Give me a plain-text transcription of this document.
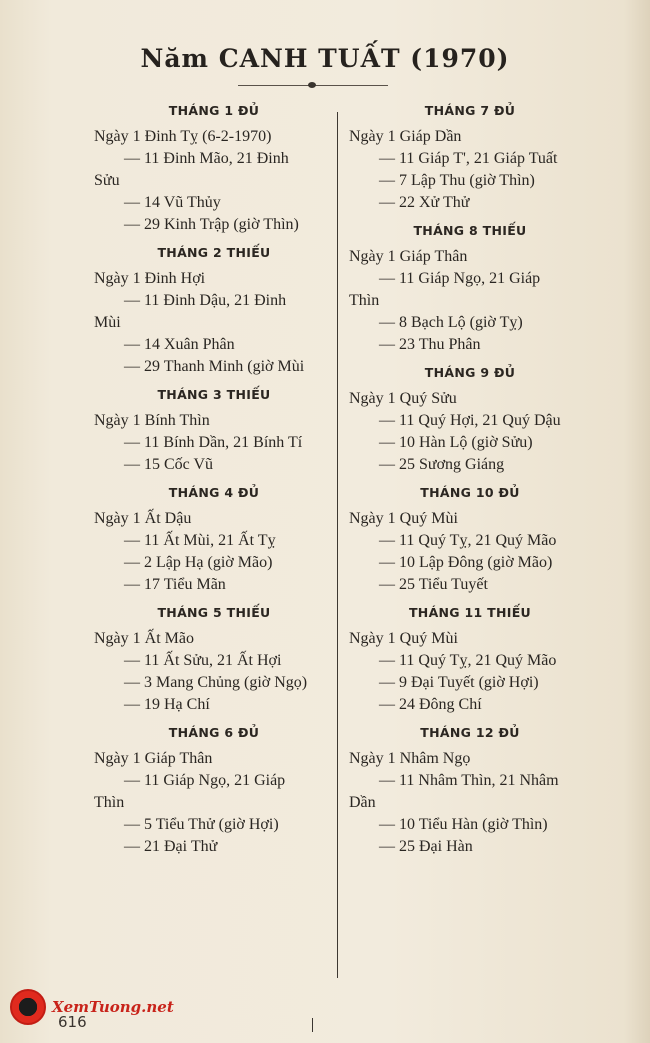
Năm CANH TUẤT (1970)
THÁNG 1 ĐỦ
Ngày 1 Đinh Tỵ (6-2-1970)
— 11 Đinh Mão, 21 Đinh
Sửu
— 14 Vũ Thủy
— 29 Kinh Trập (giờ Thìn)
THÁNG 2 THIẾU
Ngày 1 Đinh Hợi
— 11 Đinh Dậu, 21 Đinh
Mùi
— 14 Xuân Phân
— 29 Thanh Minh (giờ Mùi
THÁNG 3 THIẾU
Ngày 1 Bính Thìn
— 11 Bính Dần, 21 Bính Tí
— 15 Cốc Vũ
THÁNG 4 ĐỦ
Ngày 1 Ất Dậu
— 11 Ất Mùi, 21 Ất Tỵ
— 2 Lập Hạ (giờ Mão)
— 17 Tiểu Mãn
THÁNG 5 THIẾU
Ngày 1 Ất Mão
— 11 Ất Sửu, 21 Ất Hợi
— 3 Mang Chủng (giờ Ngọ)
— 19 Hạ Chí
THÁNG 6 ĐỦ
Ngày 1 Giáp Thân
— 11 Giáp Ngọ, 21 Giáp
Thìn
— 5 Tiểu Thử (giờ Hợi)
— 21 Đại Thử
THÁNG 7 ĐỦ
Ngày 1 Giáp Dần
— 11 Giáp T', 21 Giáp Tuất
— 7 Lập Thu (giờ Thìn)
— 22 Xử Thử
THÁNG 8 THIẾU
Ngày 1 Giáp Thân
— 11 Giáp Ngọ, 21 Giáp
Thìn
— 8 Bạch Lộ (giờ Tỵ)
— 23 Thu Phân
THÁNG 9 ĐỦ
Ngày 1 Quý Sửu
— 11 Quý Hợi, 21 Quý Dậu
— 10 Hàn Lộ (giờ Sửu)
— 25 Sương Giáng
THÁNG 10 ĐỦ
Ngày 1 Quý Mùi
— 11 Quý Tỵ, 21 Quý Mão
— 10 Lập Đông (giờ Mão)
— 25 Tiểu Tuyết
THÁNG 11 THIẾU
Ngày 1 Quý Mùi
— 11 Quý Tỵ, 21 Quý Mão
— 9 Đại Tuyết (giờ Hợi)
— 24 Đông Chí
THÁNG 12 ĐỦ
Ngày 1 Nhâm Ngọ
— 11 Nhâm Thìn, 21 Nhâm
Dần
— 10 Tiểu Hàn (giờ Thìn)
— 25 Đại Hàn
616
XemTuong.net
